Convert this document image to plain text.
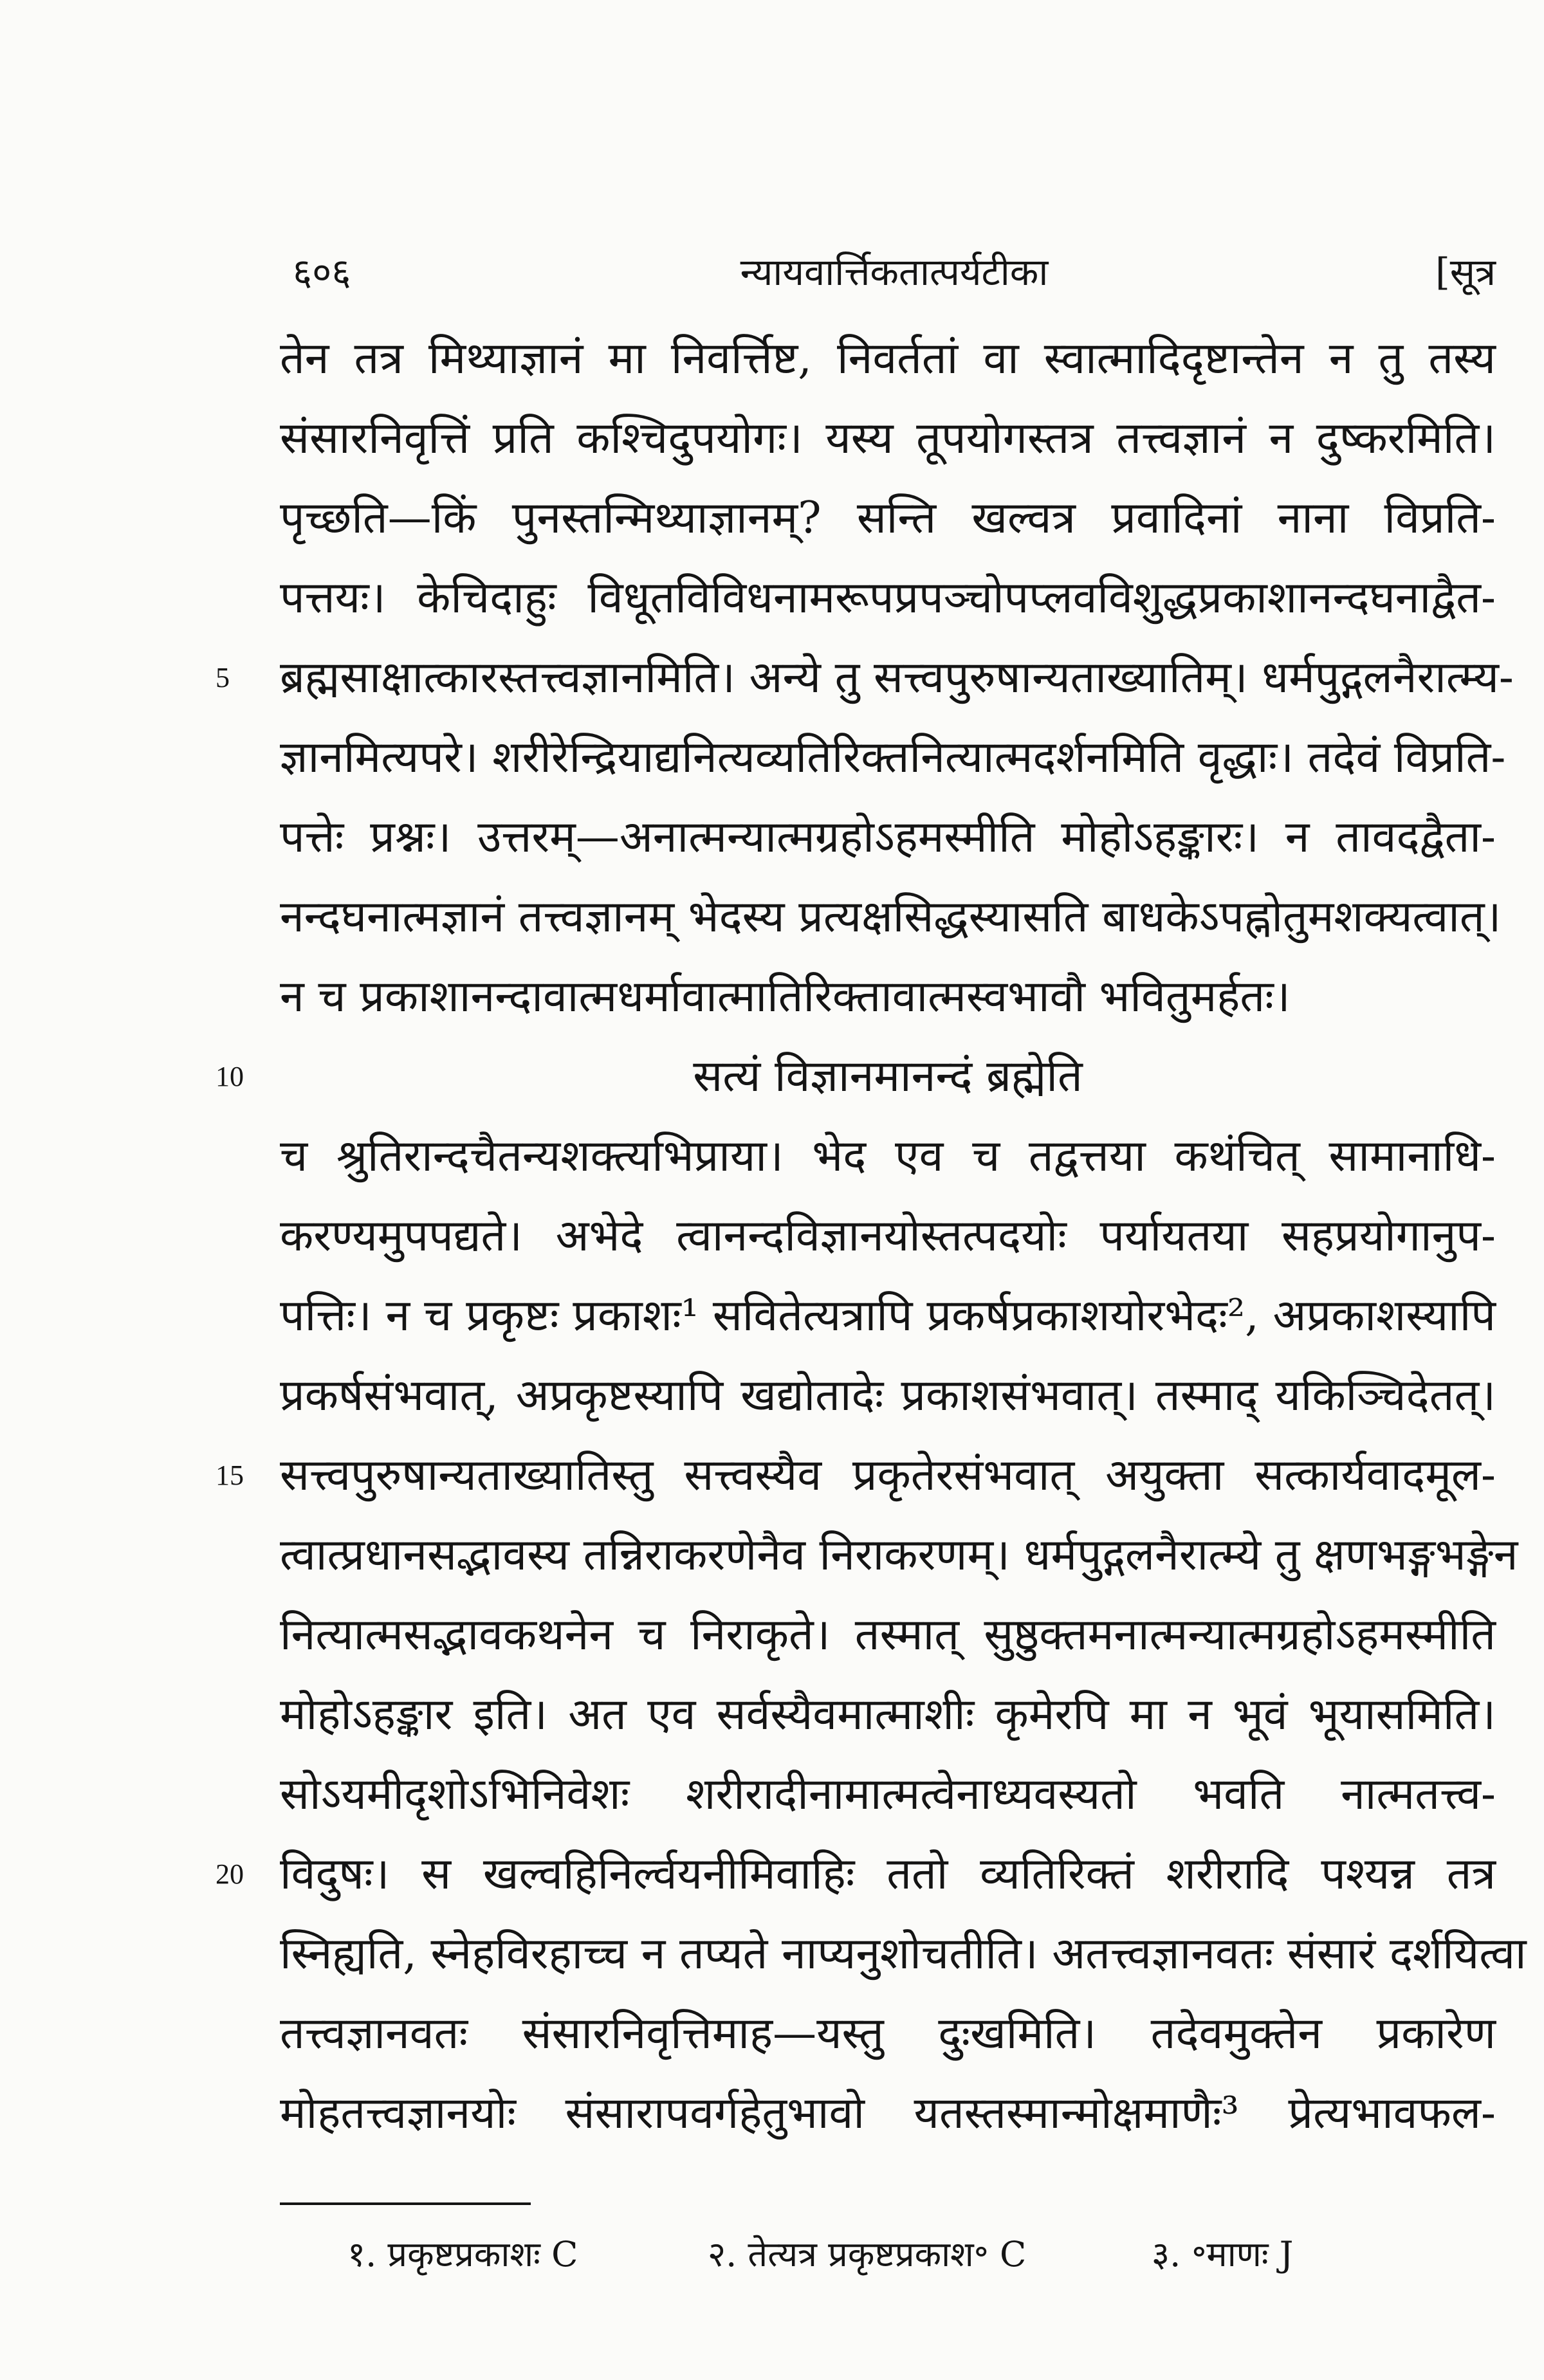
६०६	न्यायवार्त्तिकतात्पर्यटीका	[सूत्र
तेन तत्र मिथ्याज्ञानं मा निवर्त्तिष्ट, निवर्ततां वा स्वात्मादिदृष्टान्तेन न तु तस्य
संसारनिवृत्तिं प्रति कश्चिदुपयोगः। यस्य तूपयोगस्तत्र तत्त्वज्ञानं न दुष्करमिति।
पृच्छति—किं पुनस्तन्मिथ्याज्ञानम्? सन्ति खल्वत्र प्रवादिनां नाना विप्रति-
पत्तयः। केचिदाहुः विधूतविविधनामरूपप्रपञ्चोपप्लवविशुद्धप्रकाशानन्दघनाद्वैत-
5 ब्रह्मसाक्षात्कारस्तत्त्वज्ञानमिति। अन्ये तु सत्त्वपुरुषान्यताख्यातिम्। धर्मपुद्गलनैरात्म्य-
ज्ञानमित्यपरे। शरीरेन्द्रियाद्यनित्यव्यतिरिक्तनित्यात्मदर्शनमिति वृद्धाः। तदेवं विप्रति-
पत्तेः प्रश्नः। उत्तरम्—अनात्मन्यात्मग्रहोऽहमस्मीति मोहोऽहङ्कारः। न तावदद्वैता-
नन्दघनात्मज्ञानं तत्त्वज्ञानम् भेदस्य प्रत्यक्षसिद्धस्यासति बाधकेऽपह्नोतुमशक्यत्वात्।
न च प्रकाशानन्दावात्मधर्मावात्मातिरिक्तावात्मस्वभावौ भवितुमर्हतः।
10	सत्यं विज्ञानमानन्दं ब्रह्मेति
च श्रुतिरान्दचैतन्यशक्त्यभिप्राया। भेद एव च तद्वत्तया कथंचित् सामानाधि-
करण्यमुपपद्यते। अभेदे त्वानन्दविज्ञानयोस्तत्पदयोः पर्यायतया सहप्रयोगानुप-
पत्तिः। न च प्रकृष्टः प्रकाशः¹ सवितेत्यत्रापि प्रकर्षप्रकाशयोरभेदः², अप्रकाशस्यापि
प्रकर्षसंभवात्, अप्रकृष्टस्यापि खद्योतादेः प्रकाशसंभवात्। तस्माद् यकिञ्चिदेतत्।
15 सत्त्वपुरुषान्यताख्यातिस्तु सत्त्वस्यैव प्रकृतेरसंभवात् अयुक्ता सत्कार्यवादमूल-
त्वात्प्रधानसद्भावस्य तन्निराकरणेनैव निराकरणम्। धर्मपुद्गलनैरात्म्ये तु क्षणभङ्गभङ्गेन
नित्यात्मसद्भावकथनेन च निराकृते। तस्मात् सुष्ठुक्तमनात्मन्यात्मग्रहोऽहमस्मीति
मोहोऽहङ्कार इति। अत एव सर्वस्यैवमात्माशीः कृमेरपि मा न भूवं भूयासमिति।
सोऽयमीदृशोऽभिनिवेशः शरीरादीनामात्मत्वेनाध्यवस्यतो भवति नात्मतत्त्व-
20 विदुषः। स खल्वहिनिर्ल्वयनीमिवाहिः ततो व्यतिरिक्तं शरीरादि पश्यन्न तत्र
स्निह्यति, स्नेहविरहाच्च न तप्यते नाप्यनुशोचतीति। अतत्त्वज्ञानवतः संसारं दर्शयित्वा
तत्त्वज्ञानवतः संसारनिवृत्तिमाह—यस्तु दुःखमिति। तदेवमुक्तेन प्रकारेण
मोहतत्त्वज्ञानयोः संसारापवर्गहेतुभावो यतस्तस्मान्मोक्षमाणैः³ प्रेत्यभावफल-
१. प्रकृष्टप्रकाशः C	२. तेत्यत्र प्रकृष्टप्रकाश॰ C	३. ॰माणः J
